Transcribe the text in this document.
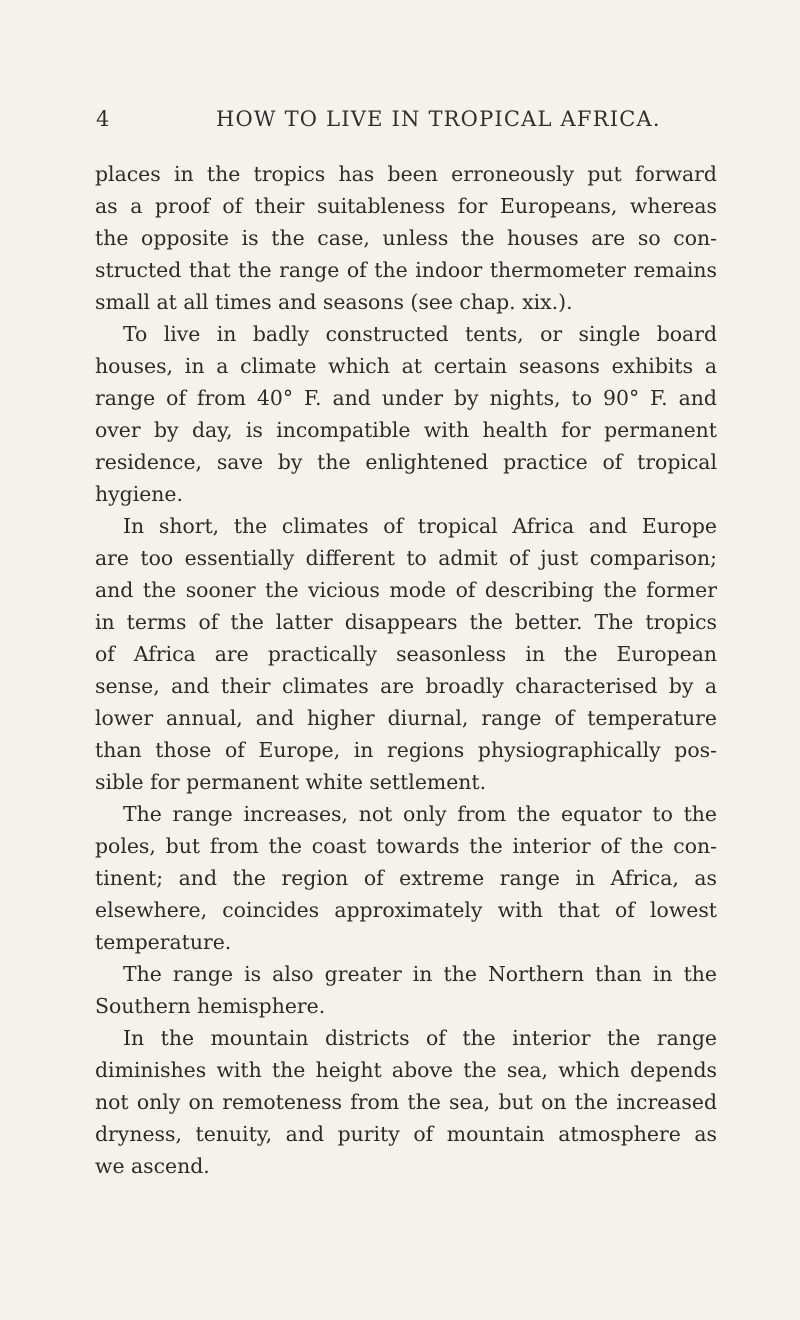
4	HOW TO LIVE IN TROPICAL AFRICA.

places in the tropics has been erroneously put forward
as a proof of their suitableness for Europeans, whereas
the opposite is the case, unless the houses are so con-
structed that the range of the indoor thermometer remains
small at all times and seasons (see chap. xix.).

To live in badly constructed tents, or single board
houses, in a climate which at certain seasons exhibits a
range of from 40° F. and under by nights, to 90° F. and
over by day, is incompatible with health for permanent
residence, save by the enlightened practice of tropical
hygiene.

In short, the climates of tropical Africa and Europe
are too essentially different to admit of just comparison;
and the sooner the vicious mode of describing the former
in terms of the latter disappears the better. The tropics
of Africa are practically seasonless in the European
sense, and their climates are broadly characterised by a
lower annual, and higher diurnal, range of temperature
than those of Europe, in regions physiographically pos-
sible for permanent white settlement.

The range increases, not only from the equator to the
poles, but from the coast towards the interior of the con-
tinent; and the region of extreme range in Africa, as
elsewhere, coincides approximately with that of lowest
temperature.

The range is also greater in the Northern than in the
Southern hemisphere.

In the mountain districts of the interior the range
diminishes with the height above the sea, which depends
not only on remoteness from the sea, but on the increased
dryness, tenuity, and purity of mountain atmosphere as
we ascend.
